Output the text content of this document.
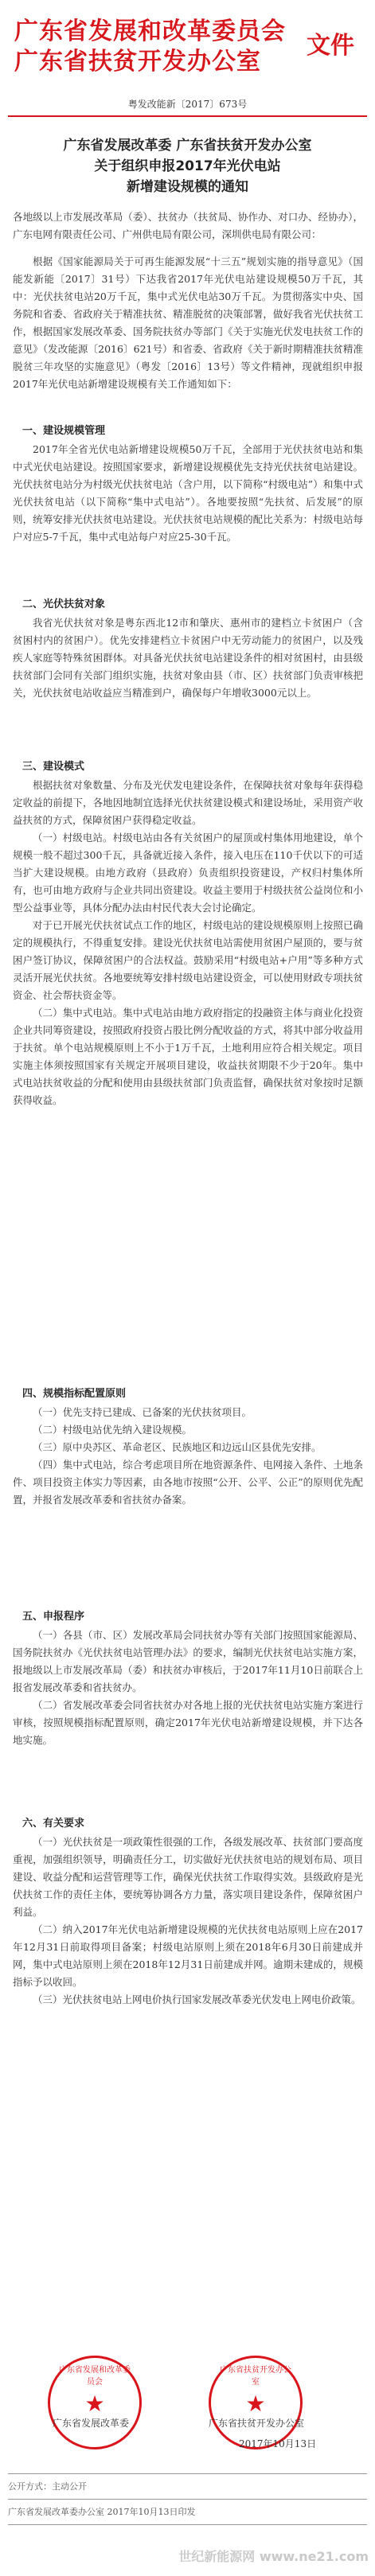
广东省发展和改革委员会
广东省扶贫开发办公室
文件
粤发改能新〔2017〕673号
广东省发展改革委 广东省扶贫开发办公室
关于组织申报2017年光伏电站
新增建设规模的通知

各地级以上市发展改革局（委）、扶贫办（扶贫局、协作办、对口办、经协办），广东电网有限责任公司、广州供电局有限公司，深圳供电局有限公司：

根据《国家能源局关于可再生能源发展“十三五”规划实施的指导意见》（国能发新能〔2017〕31号）下达我省2017年光伏电站建设规模50万千瓦，其中：光伏扶贫电站20万千瓦，集中式光伏电站30万千瓦。为贯彻落实中央、国务院和省委、省政府关于精准扶贫、精准脱贫的决策部署，做好我省光伏扶贫工作，根据国家发展改革委、国务院扶贫办等部门《关于实施光伏发电扶贫工作的意见》（发改能源〔2016〕621号）和省委、省政府《关于新时期精准扶贫精准脱贫三年攻坚的实施意见》（粤发〔2016〕13号）等文件精神，现就组织申报2017年光伏电站新增建设规模有关工作通知如下：

一、建设规模管理

2017年全省光伏电站新增建设规模50万千瓦，全部用于光伏扶贫电站和集中式光伏电站建设。按照国家要求，新增建设规模优先支持光伏扶贫电站建设。光伏扶贫电站分为村级光伏扶贫电站（含户用，以下简称“村级电站”）和集中式光伏扶贫电站（以下简称“集中式电站”）。各地要按照“先扶贫、后发展”的原则，统筹安排光伏扶贫电站建设。光伏扶贫电站规模的配比关系为：村级电站每户对应5-7千瓦，集中式电站每户对应25-30千瓦。

二、光伏扶贫对象

我省光伏扶贫对象是粤东西北12市和肇庆、惠州市的建档立卡贫困户（含贫困村内的贫困户）。优先安排建档立卡贫困户中无劳动能力的贫困户，以及残疾人家庭等特殊贫困群体。对具备光伏扶贫电站建设条件的相对贫困村，由县级扶贫部门会同有关部门组织实施，扶贫对象由县（市、区）扶贫部门负责审核把关，光伏扶贫电站收益应当精准到户，确保每户年增收3000元以上。

三、建设模式

根据扶贫对象数量、分布及光伏发电建设条件，在保障扶贫对象每年获得稳定收益的前提下，各地因地制宜选择光伏扶贫建设模式和建设场址，采用资产收益扶贫的方式，保障贫困户获得稳定收益。

（一）村级电站。村级电站由各有关贫困户的屋顶或村集体用地建设，单个规模一般不超过300千瓦，具备就近接入条件，接入电压在110千伏以下的可适当扩大建设规模。由地方政府（县政府）负责组织投资建设，产权归村集体所有，也可由地方政府与企业共同出资建设。收益主要用于村级扶贫公益岗位和小型公益事业等，具体分配办法由村民代表大会讨论确定。

对于已开展光伏扶贫试点工作的地区，村级电站的建设规模原则上按照已确定的规模执行，不得重复安排。建设光伏扶贫电站需使用贫困户屋顶的，要与贫困户签订协议，保障贫困户的合法权益。鼓励采用“村级电站+户用”等多种方式灵活开展光伏扶贫。各地要统筹安排村级电站建设资金，可以使用财政专项扶贫资金、社会帮扶资金等。

（二）集中式电站。集中式电站由地方政府指定的投融资主体与商业化投资企业共同筹资建设，按照政府投资占股比例分配收益的方式，将其中部分收益用于扶贫。单个电站规模原则上不小于1万千瓦，土地利用应符合相关规定。项目实施主体须按照国家有关规定开展项目建设，收益扶贫期限不少于20年。集中式电站扶贫收益的分配和使用由县级扶贫部门负责监督，确保扶贫对象按时足额获得收益。

四、规模指标配置原则

（一）优先支持已建成、已备案的光伏扶贫项目。

（二）村级电站优先纳入建设规模。

（三）原中央苏区、革命老区、民族地区和边远山区县优先安排。

（四）集中式电站，综合考虑项目所在地资源条件、电网接入条件、土地条件、项目投资主体实力等因素，由各地市按照“公开、公平、公正”的原则优先配置，并报省发展改革委和省扶贫办备案。

五、申报程序

（一）各县（市、区）发展改革局会同扶贫办等有关部门按照国家能源局、国务院扶贫办《光伏扶贫电站管理办法》的要求，编制光伏扶贫电站实施方案，报地级以上市发展改革局（委）和扶贫办审核后，于2017年11月10日前联合上报省发展改革委和省扶贫办。

（二）省发展改革委会同省扶贫办对各地上报的光伏扶贫电站实施方案进行审核，按照规模指标配置原则，确定2017年光伏电站新增建设规模，并下达各地实施。

六、有关要求

（一）光伏扶贫是一项政策性很强的工作，各级发展改革、扶贫部门要高度重视，加强组织领导，明确责任分工，切实做好光伏扶贫电站的规划布局、项目建设、收益分配和运营管理等工作，确保光伏扶贫工作取得实效。县级政府是光伏扶贫工作的责任主体，要统筹协调各方力量，落实项目建设条件，保障贫困户利益。

（二）纳入2017年光伏电站新增建设规模的光伏扶贫电站原则上应在2017年12月31日前取得项目备案；村级电站原则上须在2018年6月30日前建成并网，集中式电站原则上须在2018年12月31日前建成并网。逾期未建成的，规模指标予以收回。

（三）光伏扶贫电站上网电价执行国家发展改革委光伏发电上网电价政策。

广东省发展和改革委员会
★
广东省扶贫开发办公室
★
广东省发展改革委	广东省扶贫开发办公室
2017年10月13日
公开方式：主动公开
广东省发展改革委办公室 2017年10月13日印发
世纪新能源网 www.ne21.com
